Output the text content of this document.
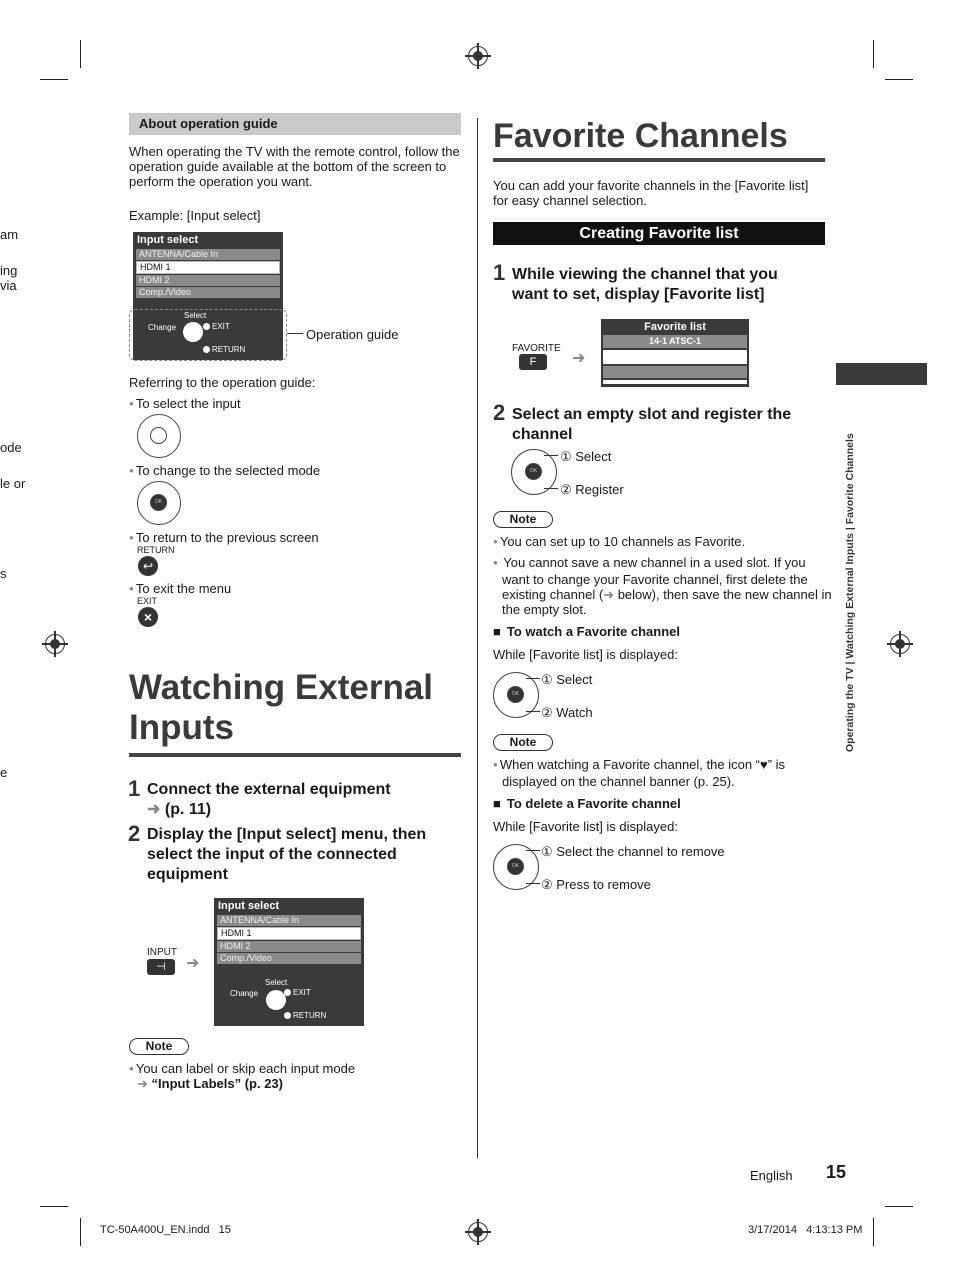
am
ing
via
ode
le or
s
e
About operation guide
When operating the TV with the remote control, follow the operation guide available at the bottom of the screen to perform the operation you want.
Example: [Input select]
Input select
ANTENNA/Cable In
HDMI 1
HDMI 2
Comp./Video
Select
Change	EXIT
RETURN
Operation guide
Referring to the operation guide:
● To select the input
● To change to the selected mode
OK
● To return to the previous screen
RETURN
↩
● To exit the menu
EXIT
×
Watching External
Inputs
1 Connect the external equipment
➜ (p. 11)
2 Display the [Input select] menu, then select the input of the connected equipment
INPUT
⊣	➜
Input select
ANTENNA/Cable In
HDMI 1
HDMI 2
Comp./Video
Select
Change	EXIT
RETURN
Note
● You can label or skip each input mode
➜ “Input Labels” (p. 23)
Favorite Channels
You can add your favorite channels in the [Favorite list] for easy channel selection.
Creating Favorite list
1 While viewing the channel that you want to set, display [Favorite list]
FAVORITE
F	➜
Favorite list
14-1 ATSC-1
2 Select an empty slot and register the channel
OK
① Select
② Register
Note
● You can set up to 10 channels as Favorite.
● You cannot save a new channel in a used slot. If you want to change your Favorite channel, first delete the existing channel (➜ below), then save the new channel in the empty slot.
■ To watch a Favorite channel
While [Favorite list] is displayed:
OK
① Select
② Watch
Note
● When watching a Favorite channel, the icon “♥” is displayed on the channel banner (p. 25).
■ To delete a Favorite channel
While [Favorite list] is displayed:
OK
① Select the channel to remove
② Press to remove
Operating the TV | Watching External Inputs | Favorite Channels
English 15
TC-50A400U_EN.indd   15	3/17/2014   4:13:13 PM
